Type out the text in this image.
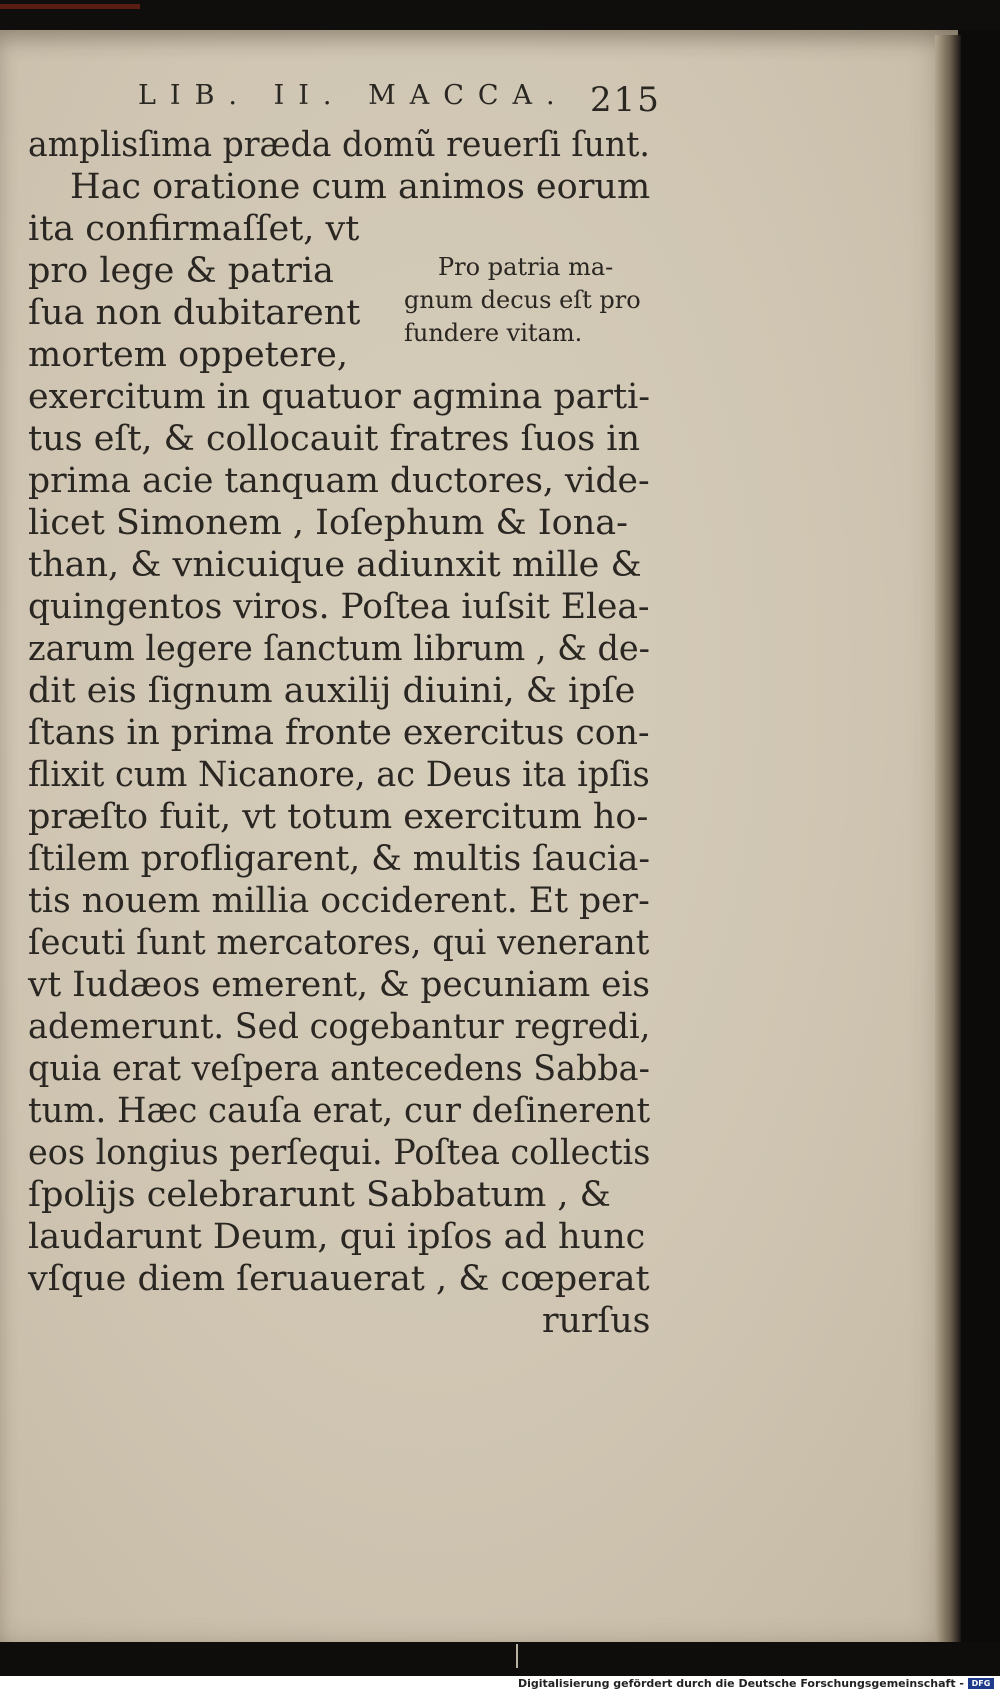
LIB. II. MACCA. 215
amplisſima præda domũ reuerſi ſunt.
Hac oratione cum animos eorum
ita confirmaſſet, vt
pro lege & patria
ſua non dubitarent
mortem oppetere,
Pro patria ma-
gnum decus eſt pro
fundere vitam.
exercitum in quatuor agmina parti-
tus eſt, & collocauit fratres ſuos in
prima acie tanquam ductores, vide-
licet Simonem , Ioſephum & Iona-
than, & vnicuique adiunxit mille &
quingentos viros. Poſtea iuſsit Elea-
zarum legere ſanctum librum , & de-
dit eis ſignum auxilij diuini, & ipſe
ſtans in prima fronte exercitus con-
flixit cum Nicanore, ac Deus ita ipſis
præſto fuit, vt totum exercitum ho-
ſtilem profligarent, & multis ſaucia-
tis nouem millia occiderent. Et per-
ſecuti ſunt mercatores, qui venerant
vt Iudæos emerent, & pecuniam eis
ademerunt. Sed cogebantur regredi,
quia erat veſpera antecedens Sabba-
tum. Hæc cauſa erat, cur deſinerent
eos longius perſequi. Poſtea collectis
ſpolijs celebrarunt Sabbatum , &
laudarunt Deum, qui ipſos ad hunc
vſque diem ſeruauerat , & cœperat
rurſus
Digitalisierung gefördert durch die Deutsche Forschungsgemeinschaft - DFG
